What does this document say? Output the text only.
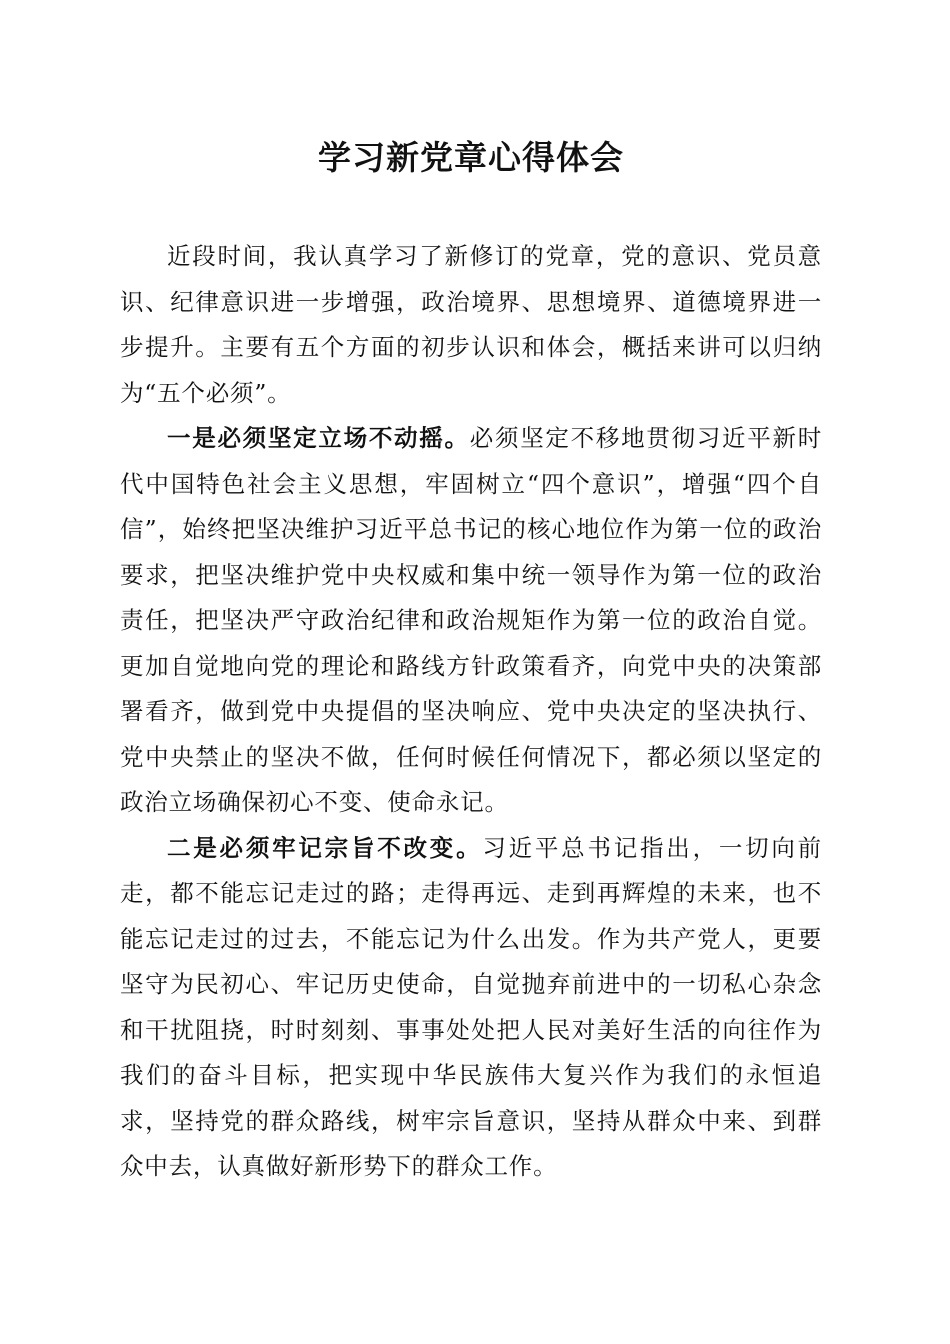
学习新党章心得体会

近段时间，我认真学习了新修订的党章，党的意识、党员意识、纪律意识进一步增强，政治境界、思想境界、道德境界进一步提升。主要有五个方面的初步认识和体会，概括来讲可以归纳为“五个必须”。

一是必须坚定立场不动摇。必须坚定不移地贯彻习近平新时代中国特色社会主义思想，牢固树立“四个意识”，增强“四个自信”，始终把坚决维护习近平总书记的核心地位作为第一位的政治要求，把坚决维护党中央权威和集中统一领导作为第一位的政治责任，把坚决严守政治纪律和政治规矩作为第一位的政治自觉。更加自觉地向党的理论和路线方针政策看齐，向党中央的决策部署看齐，做到党中央提倡的坚决响应、党中央决定的坚决执行、党中央禁止的坚决不做，任何时候任何情况下，都必须以坚定的政治立场确保初心不变、使命永记。

二是必须牢记宗旨不改变。习近平总书记指出，一切向前走，都不能忘记走过的路；走得再远、走到再辉煌的未来，也不能忘记走过的过去，不能忘记为什么出发。作为共产党人，更要坚守为民初心、牢记历史使命，自觉抛弃前进中的一切私心杂念和干扰阻挠，时时刻刻、事事处处把人民对美好生活的向往作为我们的奋斗目标，把实现中华民族伟大复兴作为我们的永恒追求，坚持党的群众路线，树牢宗旨意识，坚持从群众中来、到群众中去，认真做好新形势下的群众工作。
